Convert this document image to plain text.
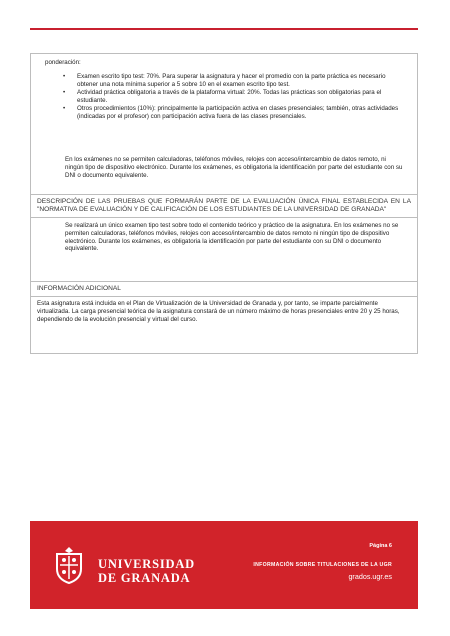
ponderación:
• Examen escrito tipo test: 70%. Para superar la asignatura y hacer el promedio con la parte práctica es necesario obtener una nota mínima superior a 5 sobre 10 en el examen escrito tipo test.
• Actividad práctica obligatoria a través de la plataforma virtual: 20%. Todas las prácticas son obligatorias para el estudiante.
• Otros procedimientos (10%): principalmente la participación activa en clases presenciales; también, otras actividades (indicadas por el profesor) con participación activa fuera de las clases presenciales.
En los exámenes no se permiten calculadoras, teléfonos móviles, relojes con acceso/intercambio de datos remoto, ni ningún tipo de dispositivo electrónico. Durante los exámenes, es obligatoria la identificación por parte del estudiante con su DNI o documento equivalente.
DESCRIPCIÓN DE LAS PRUEBAS QUE FORMARÁN PARTE DE LA EVALUACIÓN ÚNICA FINAL ESTABLECIDA EN LA "NORMATIVA DE EVALUACIÓN Y DE CALIFICACIÓN DE LOS ESTUDIANTES DE LA UNIVERSIDAD DE GRANADA"
Se realizará un único examen tipo test sobre todo el contenido teórico y práctico de la asignatura. En los exámenes no se permiten calculadoras, teléfonos móviles, relojes con acceso/intercambio de datos remoto ni ningún tipo de dispositivo electrónico. Durante los exámenes, es obligatoria la identificación por parte del estudiante con su DNI o documento equivalente.
INFORMACIÓN ADICIONAL
Esta asignatura está incluida en el Plan de Virtualización de la Universidad de Granada y, por tanto, se imparte parcialmente virtualizada. La carga presencial teórica de la asignatura constará de un número máximo de horas presenciales entre 20 y 25 horas, dependiendo de la evolución presencial y virtual del curso.
UNIVERSIDAD
DE GRANADA
Página 6
INFORMACIÓN SOBRE TITULACIONES DE LA UGR
grados.ugr.es
